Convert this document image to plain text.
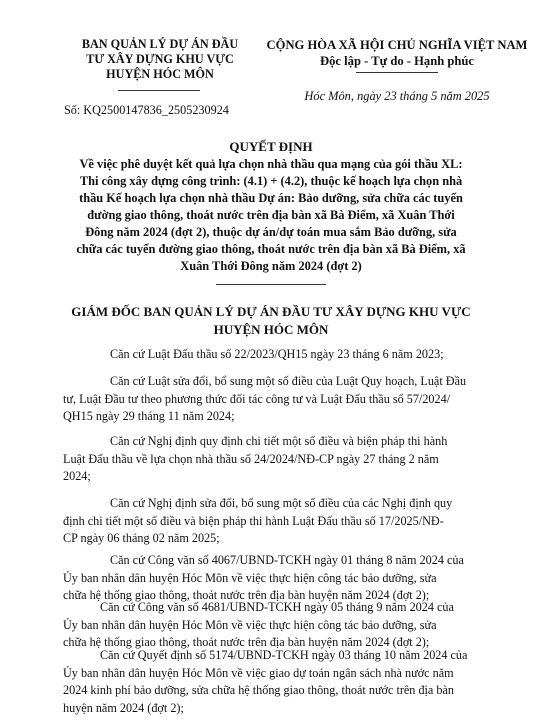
BAN QUẢN LÝ DỰ ÁN ĐẦU
TƯ XÂY DỰNG KHU VỰC
HUYỆN HÓC MÔN
CỘNG HÒA XÃ HỘI CHỦ NGHĨA VIỆT NAM
Độc lập - Tự do - Hạnh phúc
Hóc Môn, ngày 23 tháng 5 năm 2025
Số: KQ2500147836_2505230924
QUYẾT ĐỊNH
Về việc phê duyệt kết quả lựa chọn nhà thầu qua mạng của gói thầu XL:
Thi công xây dựng công trình: (4.1) + (4.2), thuộc kế hoạch lựa chọn nhà
thầu Kế hoạch lựa chọn nhà thầu Dự án: Bảo dưỡng, sửa chữa các tuyến
đường giao thông, thoát nước trên địa bàn xã Bà Điểm, xã Xuân Thới
Đông năm 2024 (đợt 2), thuộc dự án/dự toán mua sắm Bảo dưỡng, sửa
chữa các tuyến đường giao thông, thoát nước trên địa bàn xã Bà Điểm, xã
Xuân Thới Đông năm 2024 (đợt 2)
GIÁM ĐỐC BAN QUẢN LÝ DỰ ÁN ĐẦU TƯ XÂY DỰNG KHU VỰC
HUYỆN HÓC MÔN
Căn cứ Luật Đấu thầu số 22/2023/QH15 ngày 23 tháng 6 năm 2023;
Căn cứ Luật sửa đổi, bổ sung một số điều của Luật Quy hoạch, Luật Đầu
tư, Luật Đầu tư theo phương thức đối tác công tư và Luật Đấu thầu số 57/2024/
QH15 ngày 29 tháng 11 năm 2024;
Căn cứ Nghị định quy định chi tiết một số điều và biện pháp thi hành
Luật Đấu thầu về lựa chọn nhà thầu số 24/2024/NĐ-CP ngày 27 tháng 2 năm
2024;
Căn cứ Nghị định sửa đổi, bổ sung một số điều của các Nghị định quy
định chi tiết một số điều và biện pháp thi hành Luật Đấu thầu số 17/2025/NĐ-
CP ngày 06 tháng 02 năm 2025;
Căn cứ Công văn số 4067/UBND-TCKH ngày 01 tháng 8 năm 2024 của
Ủy ban nhân dân huyện Hóc Môn về việc thực hiện công tác bảo dưỡng, sửa
chữa hệ thống giao thông, thoát nước trên địa bàn huyện năm 2024 (đợt 2);
Căn cứ Công văn số 4681/UBND-TCKH ngày 05 tháng 9 năm 2024 của
Ủy ban nhân dân huyện Hóc Môn về việc thực hiện công tác bảo dưỡng, sửa
chữa hệ thống giao thông, thoát nước trên địa bàn huyện năm 2024 (đợt 2);
Căn cứ Quyết định số 5174/UBND-TCKH ngày 03 tháng 10 năm 2024 của
Ủy ban nhân dân huyện Hóc Môn về việc giao dự toán ngân sách nhà nước năm
2024 kinh phí bảo dưỡng, sửa chữa hệ thống giao thông, thoát nước trên địa bàn
huyện năm 2024 (đợt 2);
